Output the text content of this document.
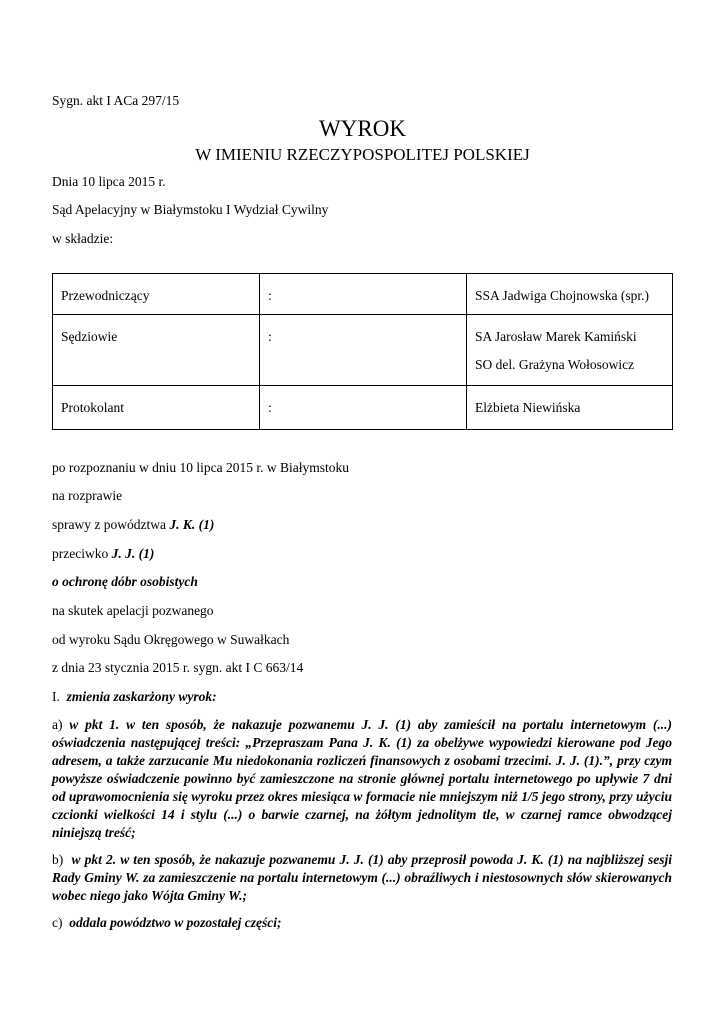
Sygn. akt I ACa 297/15
WYROK
W IMIENIU RZECZYPOSPOLITEJ POLSKIEJ
Dnia 10 lipca 2015 r.
Sąd Apelacyjny w Białymstoku I Wydział Cywilny
w składzie:
Przewodniczący	:	SSA Jadwiga Chojnowska (spr.)
Sędziowie	:	SA Jarosław Marek Kamiński
SO del. Grażyna Wołosowicz

Protokolant	:	Elżbieta Niewińska
po rozpoznaniu w dniu 10 lipca 2015 r. w Białymstoku
na rozprawie
sprawy z powództwa J. K. (1)
przeciwko J. J. (1)
o ochronę dóbr osobistych
na skutek apelacji pozwanego
od wyroku Sądu Okręgowego w Suwałkach
z dnia 23 stycznia 2015 r. sygn. akt I C 663/14
I. zmienia zaskarżony wyrok:
a) w pkt 1. w ten sposób, że nakazuje pozwanemu J. J. (1) aby zamieścił na portalu internetowym (...) oświadczenia następującej treści: „Przepraszam Pana J. K. (1) za obelżywe wypowiedzi kierowane pod Jego adresem, a także zarzucanie Mu niedokonania rozliczeń finansowych z osobami trzecimi. J. J. (1).”, przy czym powyższe oświadczenie powinno być zamieszczone na stronie głównej portalu internetowego po upływie 7 dni od uprawomocnienia się wyroku przez okres miesiąca w formacie nie mniejszym niż 1/5 jego strony, przy użyciu czcionki wielkości 14 i stylu (...) o barwie czarnej, na żółtym jednolitym tle, w czarnej ramce obwodzącej niniejszą treść;
b) w pkt 2. w ten sposób, że nakazuje pozwanemu J. J. (1) aby przeprosił powoda J. K. (1) na najbliższej sesji Rady Gminy W. za zamieszczenie na portalu internetowym (...) obraźliwych i niestosownych słów skierowanych wobec niego jako Wójta Gminy W.;
c) oddala powództwo w pozostałej części;
